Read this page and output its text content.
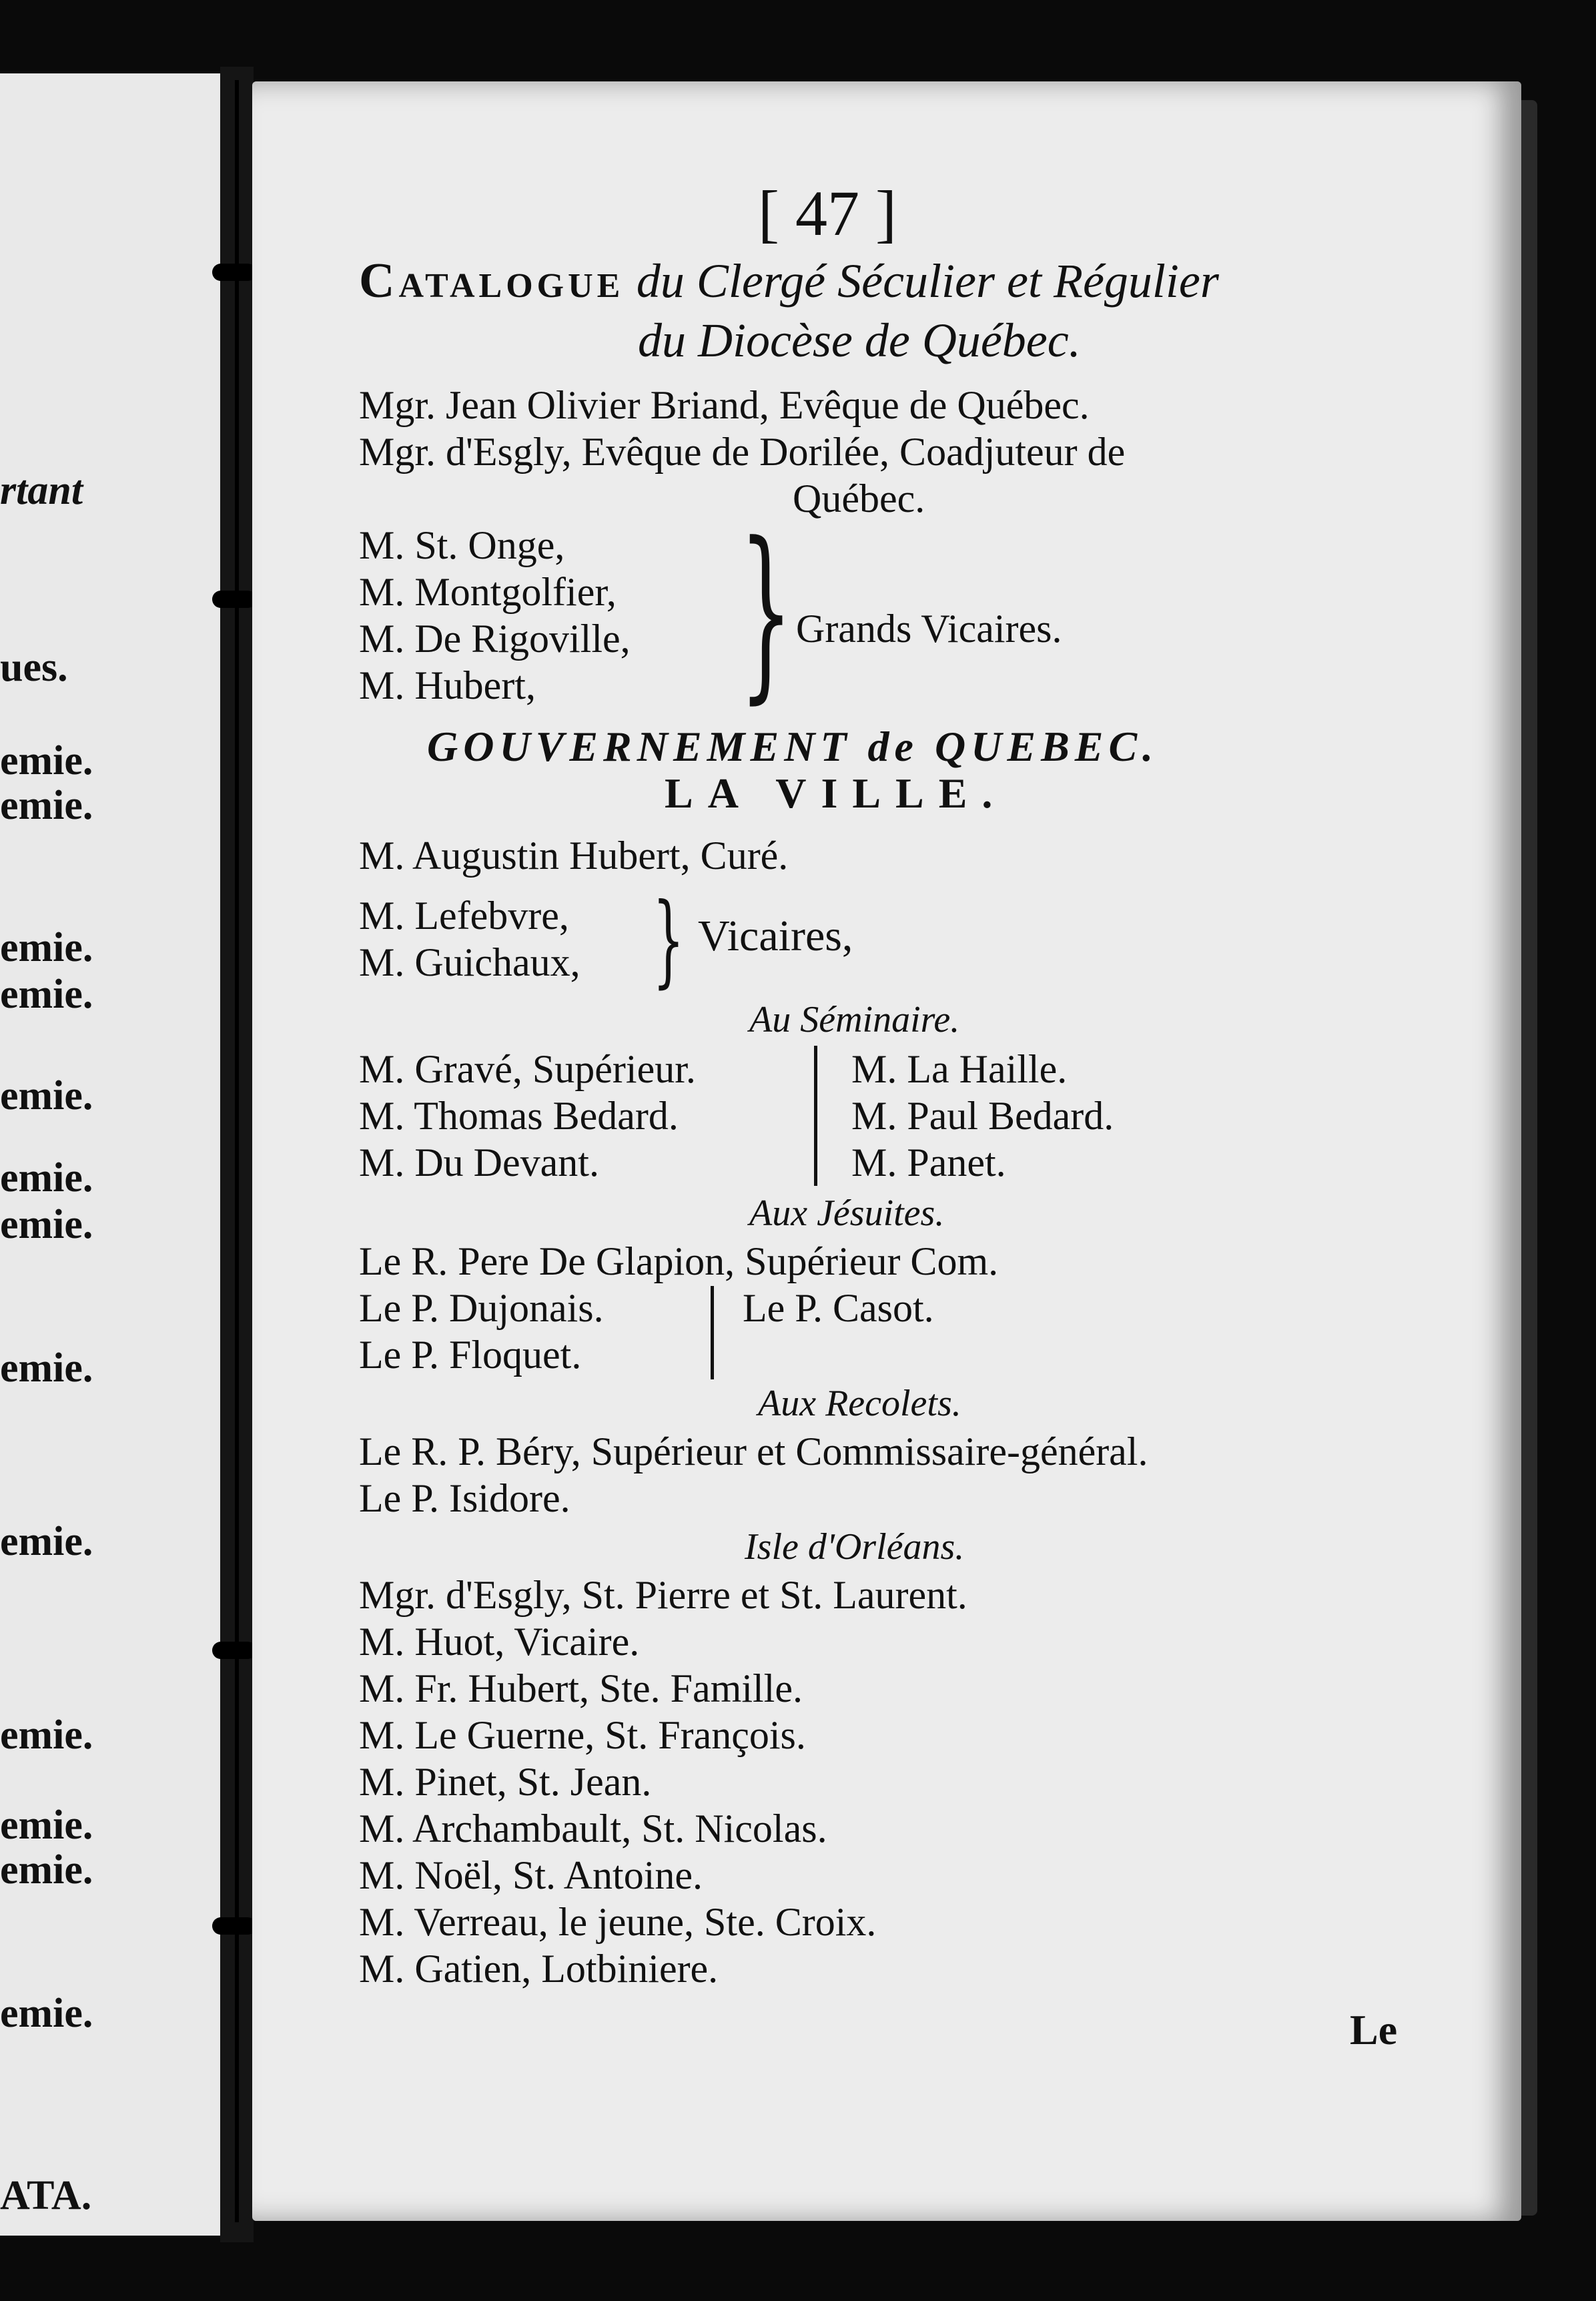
rtant
ues.
emie.
emie.
emie.
emie.
emie.
emie.
emie.
emie.
emie.
emie.
emie.
emie.
emie.
ATA.
[ 47 ]
Catalogue du Clergé Séculier et Régulier
du Diocèse de Québec.
Mgr. Jean Olivier Briand, Evêque de Québec.
Mgr. d'Esgly, Evêque de Dorilée, Coadjuteur de
Québec.
M. St. Onge,
M. Montgolfier,
M. De Rigoville,
M. Hubert, } Grands Vicaires.
GOUVERNEMENT de QUEBEC.
LA VILLE.
M. Augustin Hubert, Curé.
M. Lefebvre,
M. Guichaux, } Vicaires,
Au Séminaire.
M. Gravé, Supérieur.
M. Thomas Bedard.
M. Du Devant.
M. La Haille.
M. Paul Bedard.
M. Panet.
Aux Jésuites.
Le R. Pere De Glapion, Supérieur Com.
Le P. Dujonais.
Le P. Floquet.
Le P. Casot.
Aux Recolets.
Le R. P. Béry, Supérieur et Commissaire-général.
Le P. Isidore.
Isle d'Orléans.
Mgr. d'Esgly, St. Pierre et St. Laurent.
M. Huot, Vicaire.
M. Fr. Hubert, Ste. Famille.
M. Le Guerne, St. François.
M. Pinet, St. Jean.
M. Archambault, St. Nicolas.
M. Noël, St. Antoine.
M. Verreau, le jeune, Ste. Croix.
M. Gatien, Lotbiniere.
Le
